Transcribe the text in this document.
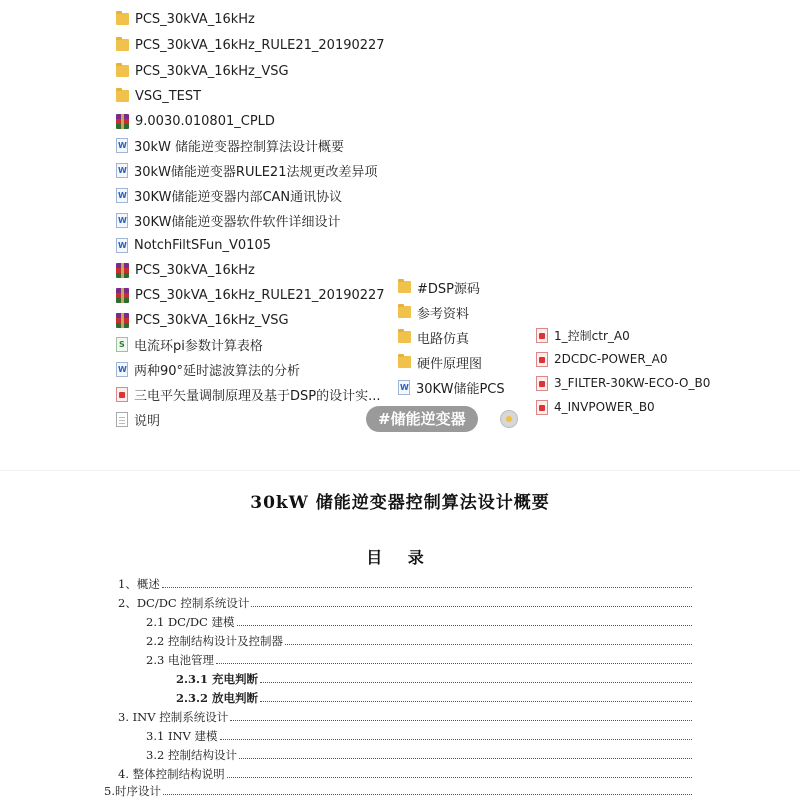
PCS_30kVA_16kHz
PCS_30kVA_16kHz_RULE21_20190227
PCS_30kVA_16kHz_VSG
VSG_TEST
9.0030.010801_CPLD
W
30kW 储能逆变器控制算法设计概要
W
30kW储能逆变器RULE21法规更改差异项
W
30KW储能逆变器内部CAN通讯协议
W
30KW储能逆变器软件软件详细设计
W
NotchFiltSFun_V0105
PCS_30kVA_16kHz
PCS_30kVA_16kHz_RULE21_20190227
PCS_30kVA_16kHz_VSG
S
电流环pi参数计算表格
W
两种90°延时滤波算法的分析
三电平矢量调制原理及基于DSP的设计实...
说明
#DSP源码
参考资料
电路仿真
硬件原理图
W
30KW储能PCS
1_控制ctr_A0
2DCDC-POWER_A0
3_FILTER-30KW-ECO-O_B0
4_INVPOWER_B0
#储能逆变器
30kW 储能逆变器控制算法设计概要
目 录
1、概述
2、DC/DC 控制系统设计
2.1 DC/DC 建模
2.2 控制结构设计及控制器
2.3 电池管理
2.3.1 充电判断
2.3.2 放电判断
3. INV 控制系统设计
3.1 INV 建模
3.2 控制结构设计
4. 整体控制结构说明
5.时序设计
